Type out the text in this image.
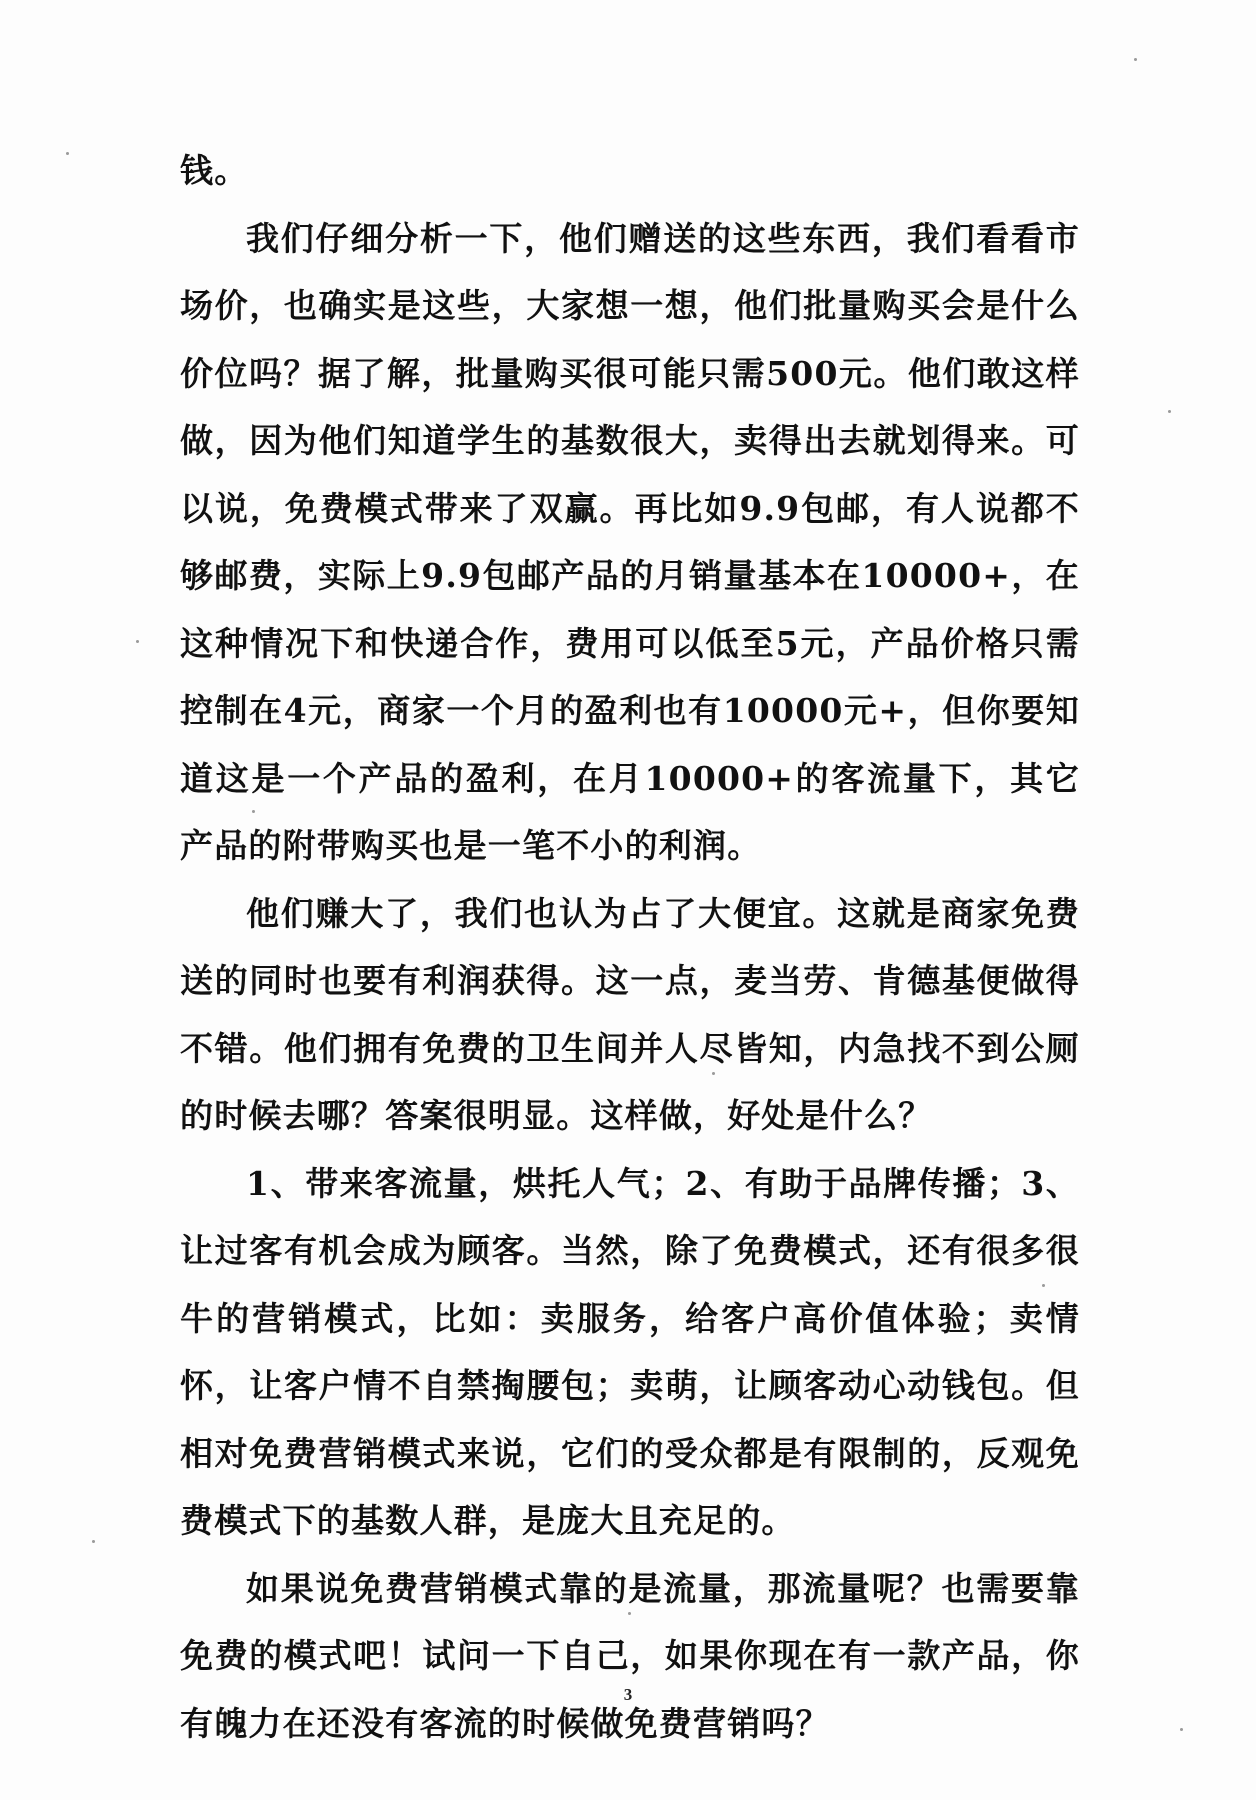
钱。

我们仔细分析一下，他们赠送的这些东西，我们看看市场价，也确实是这些，大家想一想，他们批量购买会是什么价位吗？据了解，批量购买很可能只需500元。他们敢这样做，因为他们知道学生的基数很大，卖得出去就划得来。可以说，免费模式带来了双赢。再比如9.9包邮，有人说都不够邮费，实际上9.9包邮产品的月销量基本在10000+，在这种情况下和快递合作，费用可以低至5元，产品价格只需控制在4元，商家一个月的盈利也有10000元+，但你要知道这是一个产品的盈利，在月10000+的客流量下，其它产品的附带购买也是一笔不小的利润。

他们赚大了，我们也认为占了大便宜。这就是商家免费送的同时也要有利润获得。这一点，麦当劳、肯德基便做得不错。他们拥有免费的卫生间并人尽皆知，内急找不到公厕的时候去哪？答案很明显。这样做，好处是什么？

1、带来客流量，烘托人气；2、有助于品牌传播；3、让过客有机会成为顾客。当然，除了免费模式，还有很多很牛的营销模式，比如：卖服务，给客户高价值体验；卖情怀，让客户情不自禁掏腰包；卖萌，让顾客动心动钱包。但相对免费营销模式来说，它们的受众都是有限制的，反观免费模式下的基数人群，是庞大且充足的。

如果说免费营销模式靠的是流量，那流量呢？也需要靠免费的模式吧！试问一下自己，如果你现在有一款产品，你有魄力在还没有客流的时候做免费营销吗？

3
